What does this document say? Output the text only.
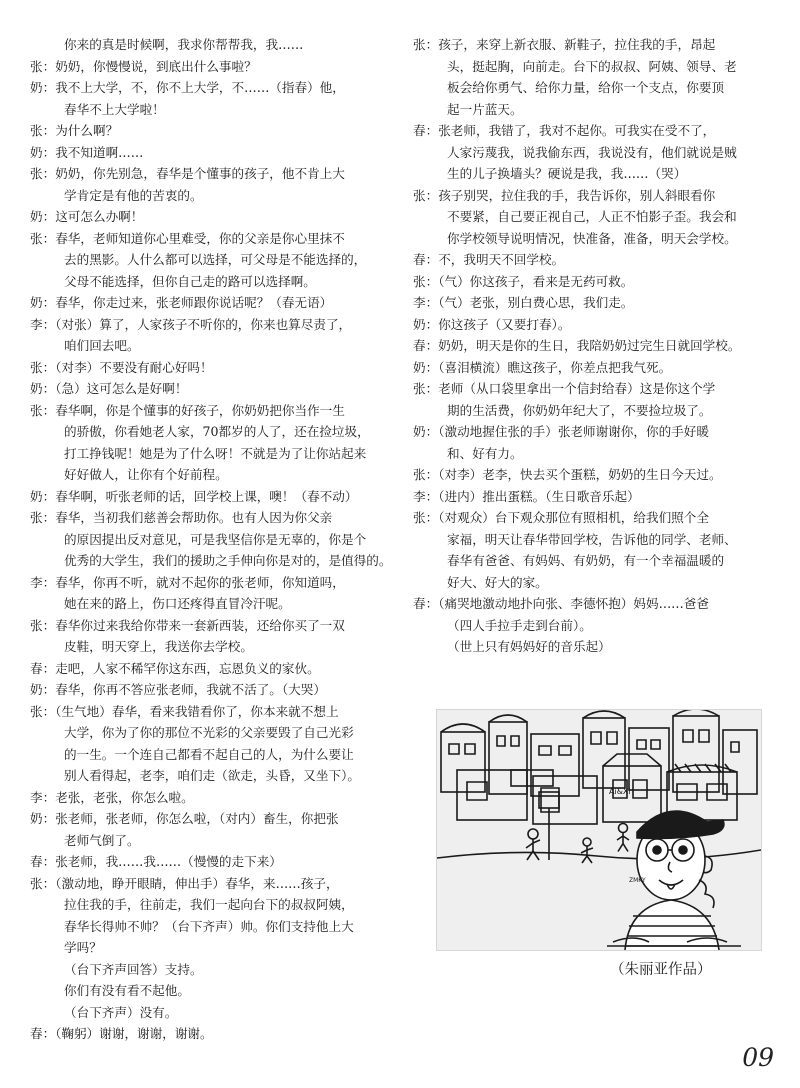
你来的真是时候啊，我求你帮帮我，我……
张：奶奶，你慢慢说，到底出什么事啦？
奶：我不上大学，不，你不上大学，不……（指春）他，
春华不上大学啦！
张：为什么啊？
奶：我不知道啊……
张：奶奶，你先别急，春华是个懂事的孩子，他不肯上大
学肯定是有他的苦衷的。
奶：这可怎么办啊！
张：春华，老师知道你心里难受，你的父亲是你心里抹不
去的黑影。人什么都可以选择，可父母是不能选择的，
父母不能选择，但你自己走的路可以选择啊。
奶：春华，你走过来，张老师跟你说话呢？（春无语）
李：（对张）算了，人家孩子不听你的，你来也算尽责了，
咱们回去吧。
张：（对李）不要没有耐心好吗！
奶：（急）这可怎么是好啊！
张：春华啊，你是个懂事的好孩子，你奶奶把你当作一生
的骄傲，你看她老人家，70都岁的人了，还在捡垃圾，
打工挣钱呢！她是为了什么呀！不就是为了让你站起来
好好做人，让你有个好前程。
奶：春华啊，听张老师的话，回学校上课，噢！（春不动）
张：春华，当初我们慈善会帮助你。也有人因为你父亲
的原因提出反对意见，可是我坚信你是无辜的，你是个
优秀的大学生，我们的援助之手伸向你是对的，是值得的。
李：春华，你再不听，就对不起你的张老师，你知道吗，
她在来的路上，伤口还疼得直冒冷汗呢。
张：春华你过来我给你带来一套新西装，还给你买了一双
皮鞋，明天穿上，我送你去学校。
春：走吧，人家不稀罕你这东西，忘恩负义的家伙。
奶：春华，你再不答应张老师，我就不活了。（大哭）
张：（生气地）春华，看来我错看你了，你本来就不想上
大学，你为了你的那位不光彩的父亲要毁了自己光彩
的一生。一个连自己都看不起自己的人，为什么要让
别人看得起，老李，咱们走（欲走，头昏，又坐下）。
李：老张，老张，你怎么啦。
奶：张老师，张老师，你怎么啦，（对内）畜生，你把张
老师气倒了。
春：张老师，我……我……（慢慢的走下来）
张：（激动地，睁开眼睛，伸出手）春华，来……孩子，
拉住我的手，往前走，我们一起向台下的叔叔阿姨，
春华长得帅不帅？（台下齐声）帅。你们支持他上大
学吗？
（台下齐声回答）支持。
你们有没有看不起他。
（台下齐声）没有。
春：（鞠躬）谢谢，谢谢，谢谢。
张：孩子，来穿上新衣服、新鞋子，拉住我的手，昂起
头，挺起胸，向前走。台下的叔叔、阿姨、领导、老
板会给你勇气、给你力量，给你一个支点，你要顶
起一片蓝天。
春：张老师，我错了，我对不起你。可我实在受不了，
人家污蔑我，说我偷东西，我说没有，他们就说是贼
生的儿子换墙头？硬说是我，我……（哭）
张：孩子别哭，拉住我的手，我告诉你，别人斜眼看你
不要紧，自己要正视自己，人正不怕影子歪。我会和
你学校领导说明情况，快准备，准备，明天会学校。
春：不，我明天不回学校。
张：（气）你这孩子，看来是无药可救。
李：（气）老张，别白费心思，我们走。
奶：你这孩子（又要打春）。
春：奶奶，明天是你的生日，我陪奶奶过完生日就回学校。
奶：（喜泪横流）瞧这孩子，你差点把我气死。
张：老师（从口袋里拿出一个信封给春）这是你这个学
期的生活费，你奶奶年纪大了，不要捡垃圾了。
奶：（激动地握住张的手）张老师谢谢你，你的手好暖
和、好有力。
张：（对李）老李，快去买个蛋糕，奶奶的生日今天过。
李：（进内）推出蛋糕。（生日歌音乐起）
张：（对观众）台下观众那位有照相机，给我们照个全
家福，明天让春华带回学校，告诉他的同学、老师、
春华有爸爸、有妈妈、有奶奶，有一个幸福温暖的
好大、好大的家。
春：（痛哭地激动地扑向张、李德怀抱）妈妈……爸爸
（四人手拉手走到台前）。
（世上只有妈妈好的音乐起）
Ai&Xi
ZMKY
（朱丽亚作品）
09
